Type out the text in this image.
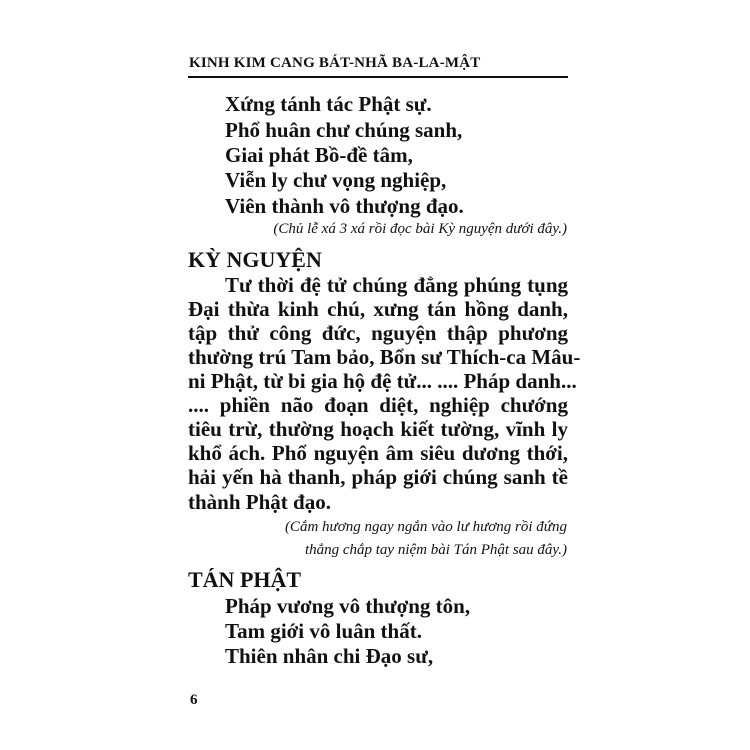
KINH KIM CANG BÁT-NHÃ BA-LA-MẬT
Xứng tánh tác Phật sự.
Phổ huân chư chúng sanh,
Giai phát Bồ-đề tâm,
Viễn ly chư vọng nghiệp,
Viên thành vô thượng đạo.
(Chủ lễ xá 3 xá rồi đọc bài Kỳ nguyện dưới đây.)
KỲ NGUYỆN
Tư thời đệ tử chúng đẳng phúng tụng
Đại thừa kinh chú, xưng tán hồng danh,
tập thử công đức, nguyện thập phương
thường trú Tam bảo, Bổn sư Thích-ca Mâu-
ni Phật, từ bi gia hộ đệ tử... .... Pháp danh...
.... phiền não đoạn diệt, nghiệp chướng
tiêu trừ, thường hoạch kiết tường, vĩnh ly
khổ ách. Phổ nguyện âm siêu dương thới,
hải yến hà thanh, pháp giới chúng sanh tề
thành Phật đạo.
(Cắm hương ngay ngắn vào lư hương rồi đứng
thẳng chắp tay niệm bài Tán Phật sau đây.)
TÁN PHẬT
Pháp vương vô thượng tôn,
Tam giới vô luân thất.
Thiên nhân chi Đạo sư,
6
